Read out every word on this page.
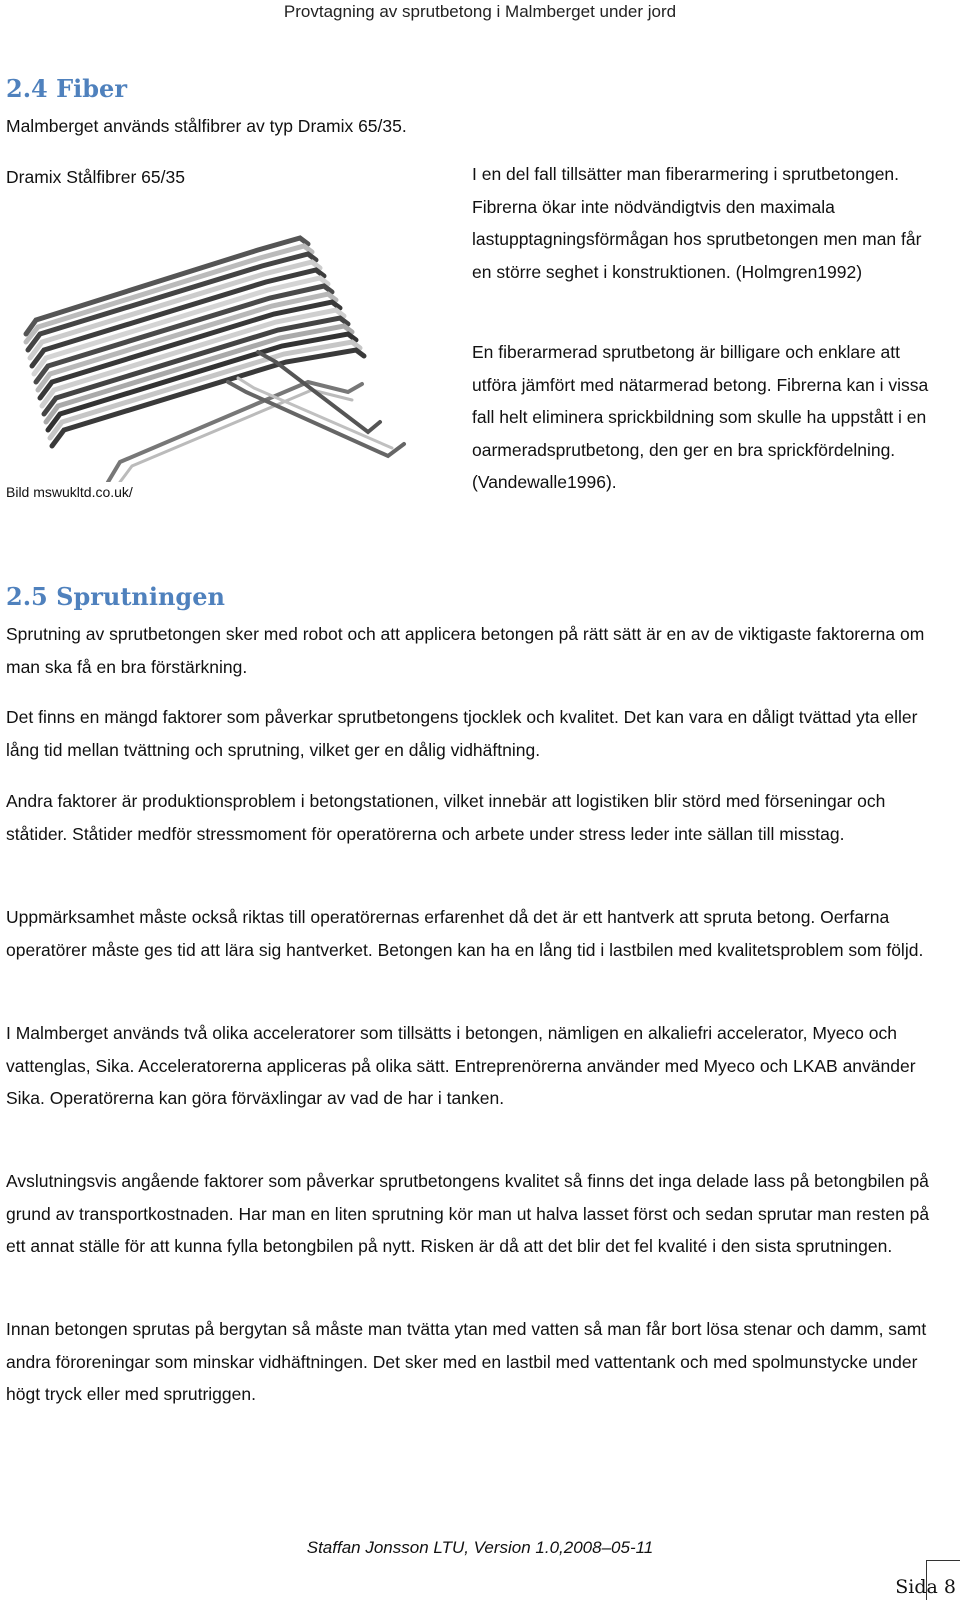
Provtagning av sprutbetong i Malmberget under jord
2.4 Fiber

Malmberget används stålfibrer av typ Dramix 65/35.

Dramix Stålfibrer 65/35

Bild mswukltd.co.uk/

I en del fall tillsätter man fiberarmering i sprutbetongen. Fibrerna ökar inte nödvändigtvis den maximala lastupptagningsförmågan hos sprutbetongen men man får en större seghet i konstruktionen. (Holmgren1992)

En fiberarmerad sprutbetong är billigare och enklare att utföra jämfört med nätarmerad betong. Fibrerna kan i vissa fall helt eliminera sprickbildning som skulle ha uppstått i en oarmeradsprutbetong, den ger en bra sprickfördelning.(Vandewalle1996).

2.5 Sprutningen

Sprutning av sprutbetongen sker med robot och att applicera betongen på rätt sätt är en av de viktigaste faktorerna om man ska få en bra förstärkning.

Det finns en mängd faktorer som påverkar sprutbetongens tjocklek och kvalitet. Det kan vara en dåligt tvättad yta eller lång tid mellan tvättning och sprutning, vilket ger en dålig vidhäftning.

Andra faktorer är produktionsproblem i betongstationen, vilket innebär att logistiken blir störd med förseningar och ståtider. Ståtider medför stressmoment för operatörerna och arbete under stress leder inte sällan till misstag.

Uppmärksamhet måste också riktas till operatörernas erfarenhet då det är ett hantverk att spruta betong. Oerfarna operatörer måste ges tid att lära sig hantverket. Betongen kan ha en lång tid i lastbilen med kvalitetsproblem som följd.

I Malmberget används två olika acceleratorer som tillsätts i betongen, nämligen en alkaliefri accelerator, Myeco och vattenglas, Sika. Acceleratorerna appliceras på olika sätt. Entreprenörerna använder med Myeco och LKAB använder Sika. Operatörerna kan göra förväxlingar av vad de har i tanken.

Avslutningsvis angående faktorer som påverkar sprutbetongens kvalitet så finns det inga delade lass på betongbilen på grund av transportkostnaden. Har man en liten sprutning kör man ut halva lasset först och sedan sprutar man resten på ett annat ställe för att kunna fylla betongbilen på nytt. Risken är då att det blir det fel kvalité i den sista sprutningen.

Innan betongen sprutas på bergytan så måste man tvätta ytan med vatten så man får bort lösa stenar och damm, samt andra föroreningar som minskar vidhäftningen. Det sker med en lastbil med vattentank och med spolmunstycke under högt tryck eller med sprutriggen.

Staffan Jonsson LTU, Version 1.0,2008–05-11
Sida 8
